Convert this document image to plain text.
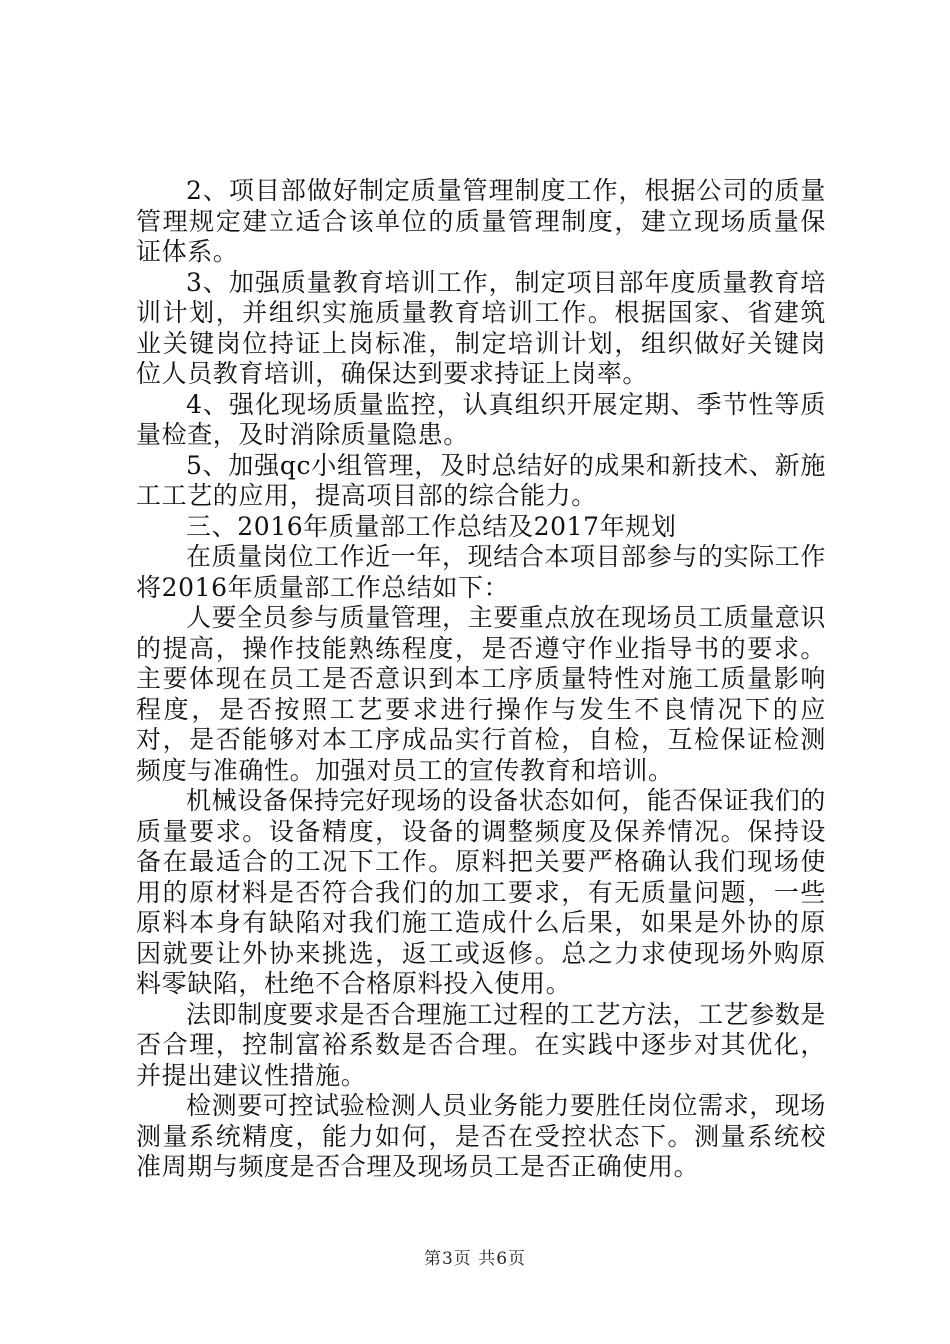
2、项目部做好制定质量管理制度工作，根据公司的质量管理规定建立适合该单位的质量管理制度，建立现场质量保证体系。

3、加强质量教育培训工作，制定项目部年度质量教育培训计划，并组织实施质量教育培训工作。根据国家、省建筑业关键岗位持证上岗标准，制定培训计划，组织做好关键岗位人员教育培训，确保达到要求持证上岗率。

4、强化现场质量监控，认真组织开展定期、季节性等质量检查，及时消除质量隐患。

5、加强qc小组管理，及时总结好的成果和新技术、新施工工艺的应用，提高项目部的综合能力。

三、2016年质量部工作总结及2017年规划

在质量岗位工作近一年，现结合本项目部参与的实际工作将2016年质量部工作总结如下：

人要全员参与质量管理，主要重点放在现场员工质量意识的提高，操作技能熟练程度，是否遵守作业指导书的要求。主要体现在员工是否意识到本工序质量特性对施工质量影响程度，是否按照工艺要求进行操作与发生不良情况下的应对，是否能够对本工序成品实行首检，自检，互检保证检测频度与准确性。加强对员工的宣传教育和培训。

机械设备保持完好现场的设备状态如何，能否保证我们的质量要求。设备精度，设备的调整频度及保养情况。保持设备在最适合的工况下工作。原料把关要严格确认我们现场使用的原材料是否符合我们的加工要求，有无质量问题，一些原料本身有缺陷对我们施工造成什么后果，如果是外协的原因就要让外协来挑选，返工或返修。总之力求使现场外购原料零缺陷，杜绝不合格原料投入使用。

法即制度要求是否合理施工过程的工艺方法，工艺参数是否合理，控制富裕系数是否合理。在实践中逐步对其优化，并提出建议性措施。

检测要可控试验检测人员业务能力要胜任岗位需求，现场测量系统精度，能力如何，是否在受控状态下。测量系统校准周期与频度是否合理及现场员工是否正确使用。

第3页 共6页
